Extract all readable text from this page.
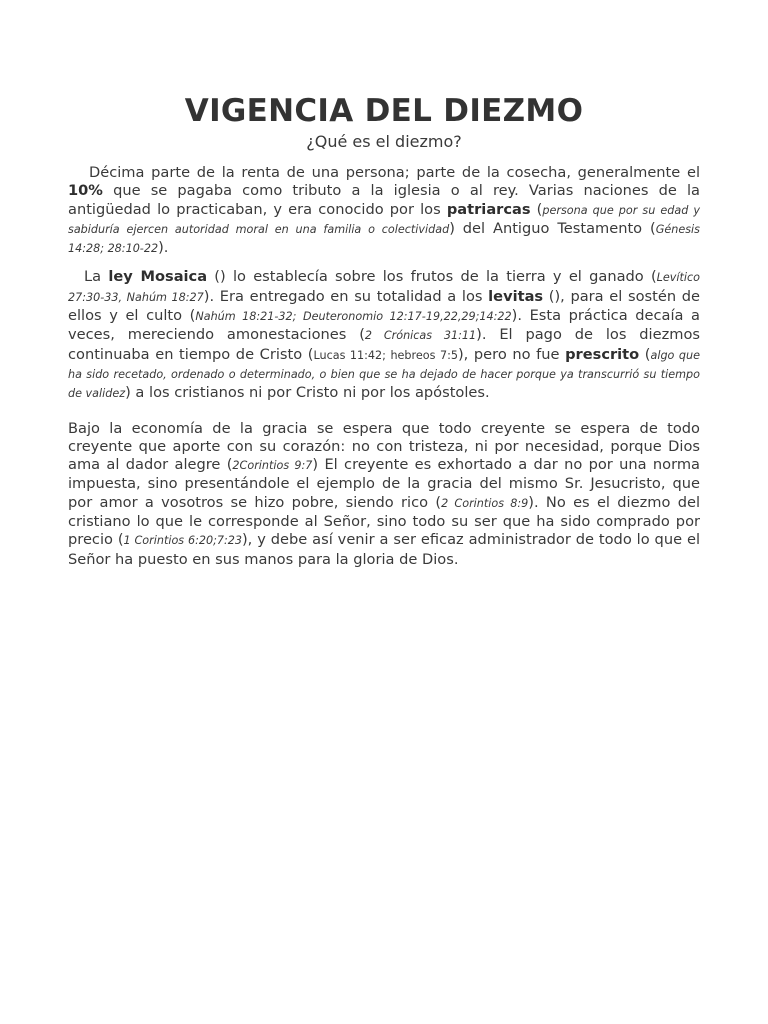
VIGENCIA DEL DIEZMO
¿Qué es el diezmo?

Décima parte de la renta de una persona; parte de la cosecha, generalmente el 10% que se pagaba como tributo a la iglesia o al rey. Varias naciones de la antigüedad lo practicaban, y era conocido por los patriarcas (persona que por su edad y sabiduría ejercen autoridad moral en una familia o colectividad) del Antiguo Testamento (Génesis 14:28; 28:10-22).

La ley Mosaica () lo establecía sobre los frutos de la tierra y el ganado (Levítico 27:30-33, Nahúm 18:27). Era entregado en su totalidad a los levitas (), para el sostén de ellos y el culto (Nahúm 18:21-32; Deuteronomio 12:17-19,22,29;14:22). Esta práctica decaía a veces, mereciendo amonestaciones (2 Crónicas 31:11). El pago de los diezmos continuaba en tiempo de Cristo (Lucas 11:42; hebreos 7:5), pero no fue prescrito (algo que ha sido recetado, ordenado o determinado, o bien que se ha dejado de hacer porque ya transcurrió su tiempo de validez) a los cristianos ni por Cristo ni por los apóstoles.

Bajo la economía de la gracia se espera que todo creyente se espera de todo creyente que aporte con su corazón: no con tristeza, ni por necesidad, porque Dios ama al dador alegre (2Corintios 9:7) El creyente es exhortado a dar no por una norma impuesta, sino presentándole el ejemplo de la gracia del mismo Sr. Jesucristo, que por amor a vosotros se hizo pobre, siendo rico (2 Corintios 8:9). No es el diezmo del cristiano lo que le corresponde al Señor, sino todo su ser que ha sido comprado por precio (1 Corintios 6:20;7:23), y debe así venir a ser eficaz administrador de todo lo que el Señor ha puesto en sus manos para la gloria de Dios.
